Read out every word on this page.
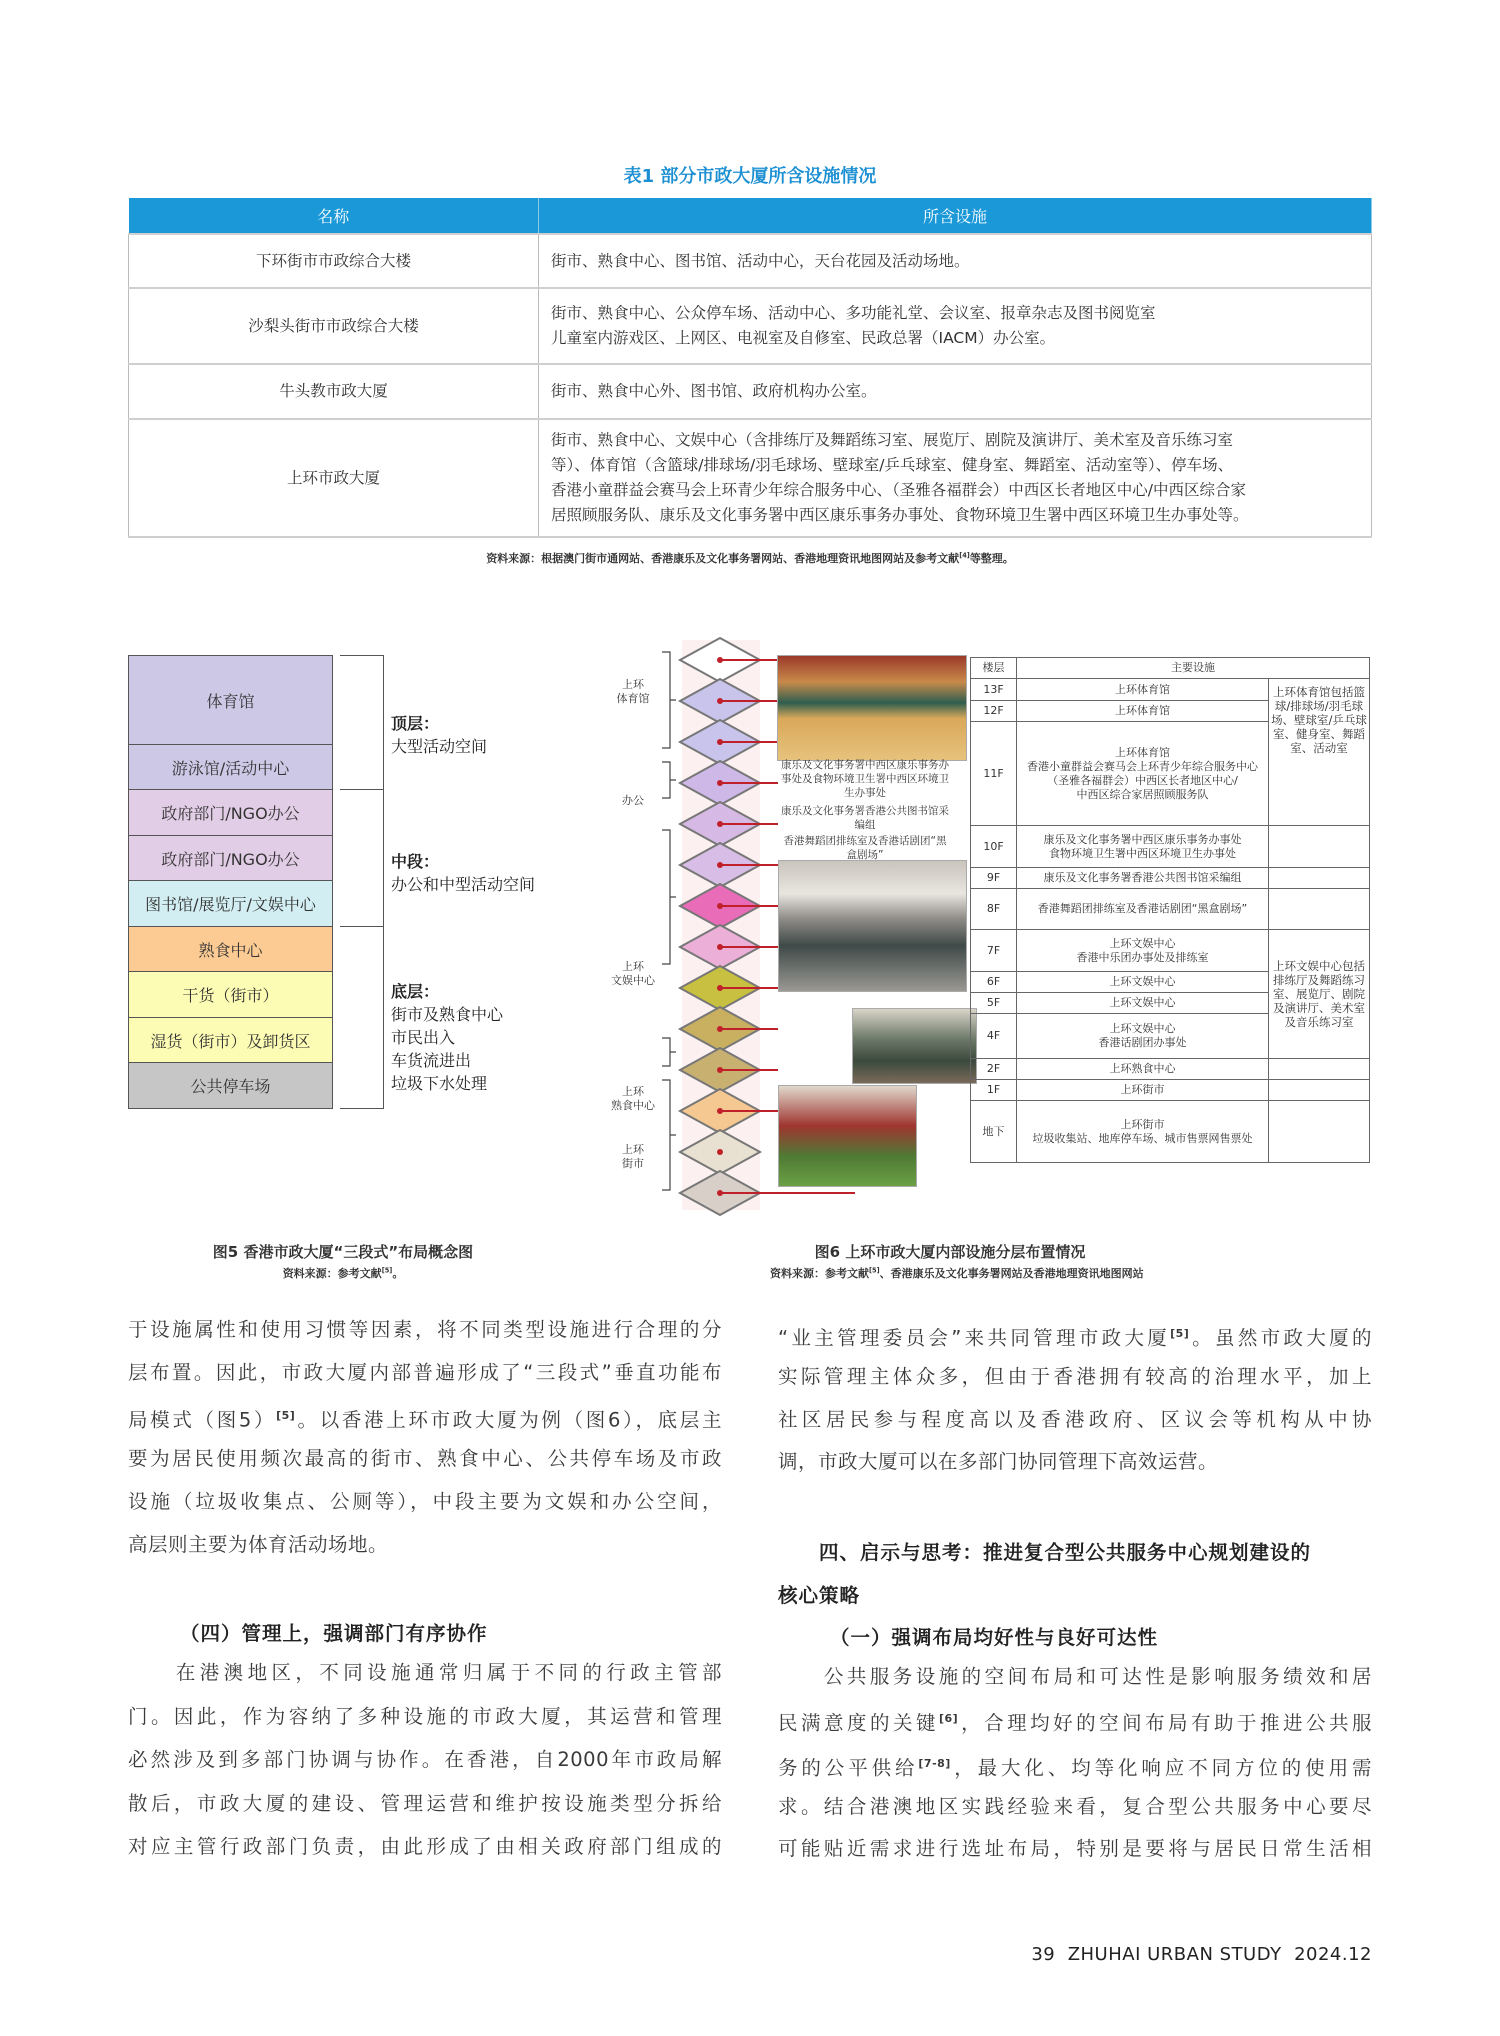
表1 部分市政大厦所含设施情况
名称	所含设施
下环街市市政综合大楼	街市、熟食中心、图书馆、活动中心，天台花园及活动场地。

沙梨头街市市政综合大楼	街市、熟食中心、公众停车场、活动中心、多功能礼堂、会议室、报章杂志及图书阅览室
儿童室内游戏区、上网区、电视室及自修室、民政总署（IACM）办公室。

牛头教市政大厦	街市、熟食中心外、图书馆、政府机构办公室。

上环市政大厦	街市、熟食中心、文娱中心（含排练厅及舞蹈练习室、展览厅、剧院及演讲厅、美术室及音乐练习室
等）、体育馆（含篮球/排球场/羽毛球场、壁球室/乒乓球室、健身室、舞蹈室、活动室等）、停车场、
香港小童群益会赛马会上环青少年综合服务中心、（圣雅各福群会）中西区长者地区中心/中西区综合家
居照顾服务队、康乐及文化事务署中西区康乐事务办事处、食物环境卫生署中西区环境卫生办事处等。
资料来源：根据澳门街市通网站、香港康乐及文化事务署网站、香港地理资讯地图网站及参考文献[4]等整理。
体育馆
游泳馆/活动中心
政府部门/NGO办公
政府部门/NGO办公
图书馆/展览厅/文娱中心
熟食中心
干货（街市）
湿货（街市）及卸货区
公共停车场
顶层：
大型活动空间
中段：
办公和中型活动空间
底层：
街市及熟食中心
市民出入
车货流进出
垃圾下水处理
图5 香港市政大厦“三段式”布局概念图
资料来源：参考文献[5]。
康乐及文化事务署中西区康乐事务办事处及食物环境卫生署中西区环境卫生办事处
康乐及文化事务署香港公共图书馆采编组
香港舞蹈团排练室及香港话剧团“黑盒剧场”
楼层	主要设施	
13F	上环体育馆	上环体育馆包括篮球/排球场/羽毛球场、壁球室/乒乓球室、健身室、舞蹈室、活动室
12F	上环体育馆	
11F	上环体育馆
香港小童群益会赛马会上环青少年综合服务中心
（圣雅各福群会）中西区长者地区中心/
中西区综合家居照顾服务队	
10F	康乐及文化事务署中西区康乐事务办事处
食物环境卫生署中西区环境卫生办事处	
9F	康乐及文化事务署香港公共图书馆采编组	
8F	香港舞蹈团排练室及香港话剧团“黑盒剧场”	
7F	上环文娱中心
香港中乐团办事处及排练室	上环文娱中心包括排练厅及舞蹈练习室、展览厅、剧院及演讲厅、美术室及音乐练习室
6F	上环文娱中心	
5F	上环文娱中心	
4F	上环文娱中心
香港话剧团办事处	
2F	上环熟食中心	
1F	上环街市	
地下	上环街市
垃圾收集站、地库停车场、城市售票网售票处	
上环
体育馆
办公
上环
文娱中心
上环
熟食中心
上环
街市
图6 上环市政大厦内部设施分层布置情况
资料来源：参考文献[5]、香港康乐及文化事务署网站及香港地理资讯地图网站
于设施属性和使用习惯等因素，将不同类型设施进行合理的分
层布置。因此，市政大厦内部普遍形成了“三段式”垂直功能布
局模式（图5）[5]。以香港上环市政大厦为例（图6），底层主
要为居民使用频次最高的街市、熟食中心、公共停车场及市政
设施（垃圾收集点、公厕等），中段主要为文娱和办公空间，
高层则主要为体育活动场地。
（四）管理上，强调部门有序协作
　　在港澳地区，不同设施通常归属于不同的行政主管部
门。因此，作为容纳了多种设施的市政大厦，其运营和管理
必然涉及到多部门协调与协作。在香港，自2000年市政局解
散后，市政大厦的建设、管理运营和维护按设施类型分拆给
对应主管行政部门负责，由此形成了由相关政府部门组成的
“业主管理委员会”来共同管理市政大厦[5]。虽然市政大厦的
实际管理主体众多，但由于香港拥有较高的治理水平，加上
社区居民参与程度高以及香港政府、区议会等机构从中协
调，市政大厦可以在多部门协同管理下高效运营。
　　四、启示与思考：推进复合型公共服务中心规划建设的
核心策略
（一）强调布局均好性与良好可达性
　　公共服务设施的空间布局和可达性是影响服务绩效和居
民满意度的关键[6]，合理均好的空间布局有助于推进公共服
务的公平供给[7-8]，最大化、均等化响应不同方位的使用需
求。结合港澳地区实践经验来看，复合型公共服务中心要尽
可能贴近需求进行选址布局，特别是要将与居民日常生活相
39 ZHUHAI URBAN STUDY 2024.12
